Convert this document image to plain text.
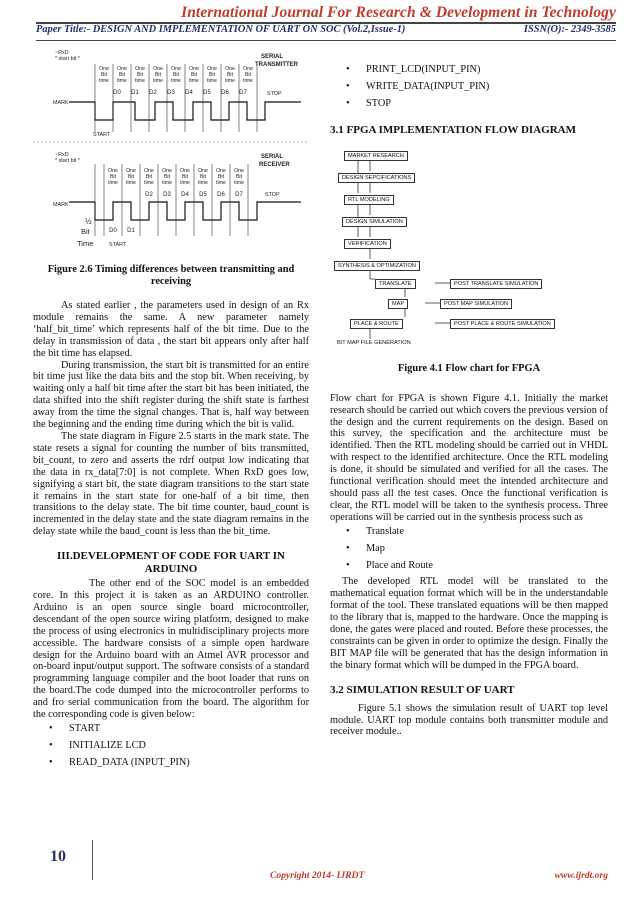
International Journal For Research & Development in Technology
Paper Title:- DESIGN AND IMPLEMENTATION OF UART ON SOC (Vol.2,Issue-1)	ISSN(O):- 2349-3585
~RxD
* start bit *	SERIAL
TRANSMITTER
One
Bit
time
One
Bit
time
One
Bit
time
One
Bit
time
One
Bit
time
One
Bit
time
One
Bit
time
One
Bit
time
One
Bit
time
D0 D1 D2 D3 D4 D5 D6 D7
MARK
START
STOP
~RxD
* start bit *
SERIAL
RECEIVER
One
Bit
time
One
Bit
time
One
Bit
time
One
Bit
time
One
Bit
time
One
Bit
time
One
Bit
time
One
Bit
time
D0 D1
D2 D3 D4 D5 D6 D7
MARK
STOP
½
Bit
Time	START

Figure 2.6 Timing differences between transmitting and receiving

As stated earlier , the parameters used in design of an Rx module remains the same. A new parameter namely ‘half_bit_time’ which represents half of the bit time. Due to the delay in transmission of data , the start bit appears only after half the bit time has elapsed.

During transmission, the start bit is transmitted for an entire bit time just like the data bits and the stop bit. When receiving, by waiting only a half bit time after the start bit has been initiated, the data shifted into the shift register during the shift state is farthest away from the time the signal changes. That is, half way between the beginning and the ending time during which the bit is valid.

The state diagram in Figure 2.5 starts in the mark state. The state resets a signal for counting the number of bits transmitted, bit_count, to zero and asserts the rdrf output low indicating that the data in rx_data[7:0] is not complete. When RxD goes low, signifying a start bit, the state diagram transitions to the start state it remains in the start state for one-half of a bit time, then transitions to the delay state. The bit time counter, baud_count is incremented in the delay state and the state diagram remains in the delay state while the baud_count is less than the bit_time.

III.DEVELOPMENT OF CODE FOR UART IN ARDUINO

The other end of the SOC model is an embedded core. In this project it is taken as an ARDUINO controller. Arduino is an open source single board microcontroller, descendant of the open source wiring platform, designed to make the process of using electronics in multidisciplinary projects more accessible. The hardware consists of a simple open hardware design for the Arduino board with an Atmel AVR processor and on-board input/output support. The software consists of a standard programming language compiler and the boot loader that runs on the board.The code dumped into the microcontroller performs to and fro serial communication from the board. The algorithm for the corresponding code is given below:

• START
• INITIALIZE LCD
• READ_DATA (INPUT_PIN)
• PRINT_LCD(INPUT_PIN)
• WRITE_DATA(INPUT_PIN)
• STOP
3.1 FPGA IMPLEMENTATION FLOW DIAGRAM
MARKET RESEARCH
DESIGN SEPCIFICATIONS
RTL MODELING
DESIGN SIMULATION
VERIFICATION
SYNTHESIS & OPTIMIZATION
TRANSLATE	POST TRANSLATE SIMULATION
MAP	POST MAP SIMULATION
PLACE & ROUTE	POST PLACE & ROUTE SIMULATION
BIT MAP FILE GENERATION

Figure 4.1 Flow chart for FPGA

Flow chart for FPGA is shown Figure 4.1. Initially the market research should be carried out which covers the previous version of the design and the current requirements on the design. Based on this survey, the specification and the architecture must be identified. Then the RTL modeling should be carried out in VHDL with respect to the identified architecture. Once the RTL modeling is done, it should be simulated and verified for all the cases. The functional verification should meet the intended architecture and should pass all the test cases. Once the functional verification is clear, the RTL model will be taken to the synthesis process. Three operations will be carried out in the synthesis process such as

• Translate
• Map
• Place and Route

The developed RTL model will be translated to the mathematical equation format which will be in the understandable format of the tool. These translated equations will be then mapped to the library that is, mapped to the hardware. Once the mapping is done, the gates were placed and routed. Before these processes, the constraints can be given in order to optimize the design. Finally the BIT MAP file will be generated that has the design information in the binary format which will be dumped in the FPGA board.

3.2 SIMULATION RESULT OF UART

Figure 5.1 shows the simulation result of UART top level module. UART top module contains both transmitter module and receiver module..

10
Copyright 2014- IJRDT	www.ijrdt.org
